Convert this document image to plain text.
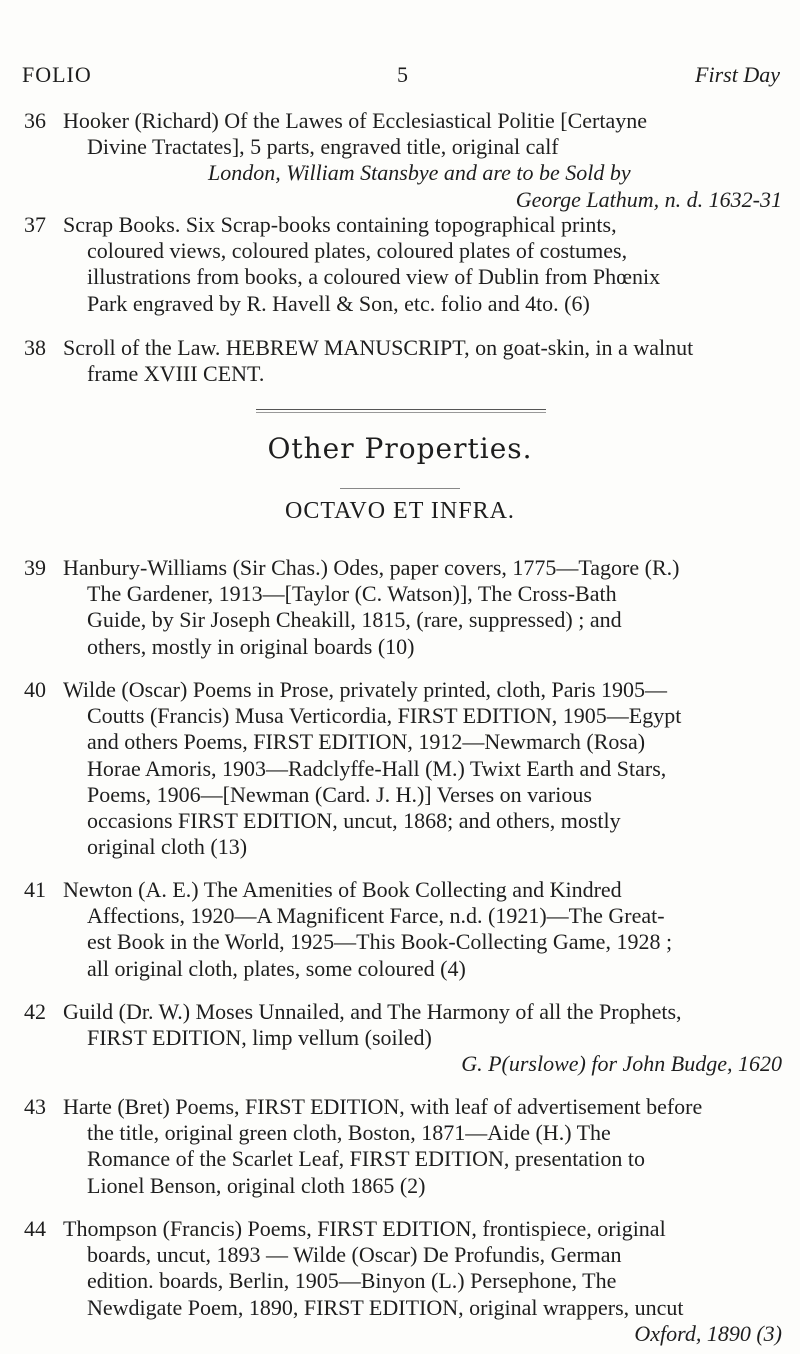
FOLIO	5	First Day
36 Hooker (Richard) Of the Lawes of Ecclesiastical Politie [Certayne
Divine Tractates], 5 parts, engraved title, original calf
London, William Stansbye and are to be Sold by
George Lathum, n. d. 1632-31
37 Scrap Books. Six Scrap-books containing topographical prints,
coloured views, coloured plates, coloured plates of costumes,
illustrations from books, a coloured view of Dublin from Phœnix
Park engraved by R. Havell & Son, etc. folio and 4to. (6)
38 Scroll of the Law. HEBREW MANUSCRIPT, on goat-skin, in a walnut
frame XVIII CENT.
Other Properties.
OCTAVO ET INFRA.
39 Hanbury-Williams (Sir Chas.) Odes, paper covers, 1775—Tagore (R.)
The Gardener, 1913—[Taylor (C. Watson)], The Cross-Bath
Guide, by Sir Joseph Cheakill, 1815, (rare, suppressed) ; and
others, mostly in original boards (10)
40 Wilde (Oscar) Poems in Prose, privately printed, cloth, Paris 1905—
Coutts (Francis) Musa Verticordia, FIRST EDITION, 1905—Egypt
and others Poems, FIRST EDITION, 1912—Newmarch (Rosa)
Horae Amoris, 1903—Radclyffe-Hall (M.) Twixt Earth and Stars,
Poems, 1906—[Newman (Card. J. H.)] Verses on various
occasions FIRST EDITION, uncut, 1868; and others, mostly
original cloth (13)
41 Newton (A. E.) The Amenities of Book Collecting and Kindred
Affections, 1920—A Magnificent Farce, n.d. (1921)—The Great-
est Book in the World, 1925—This Book-Collecting Game, 1928 ;
all original cloth, plates, some coloured (4)
42 Guild (Dr. W.) Moses Unnailed, and The Harmony of all the Prophets,
FIRST EDITION, limp vellum (soiled)
G. P(urslowe) for John Budge, 1620
43 Harte (Bret) Poems, FIRST EDITION, with leaf of advertisement before
the title, original green cloth, Boston, 1871—Aide (H.) The
Romance of the Scarlet Leaf, FIRST EDITION, presentation to
Lionel Benson, original cloth 1865 (2)
44 Thompson (Francis) Poems, FIRST EDITION, frontispiece, original
boards, uncut, 1893 — Wilde (Oscar) De Profundis, German
edition. boards, Berlin, 1905—Binyon (L.) Persephone, The
Newdigate Poem, 1890, FIRST EDITION, original wrappers, uncut
Oxford, 1890 (3)
